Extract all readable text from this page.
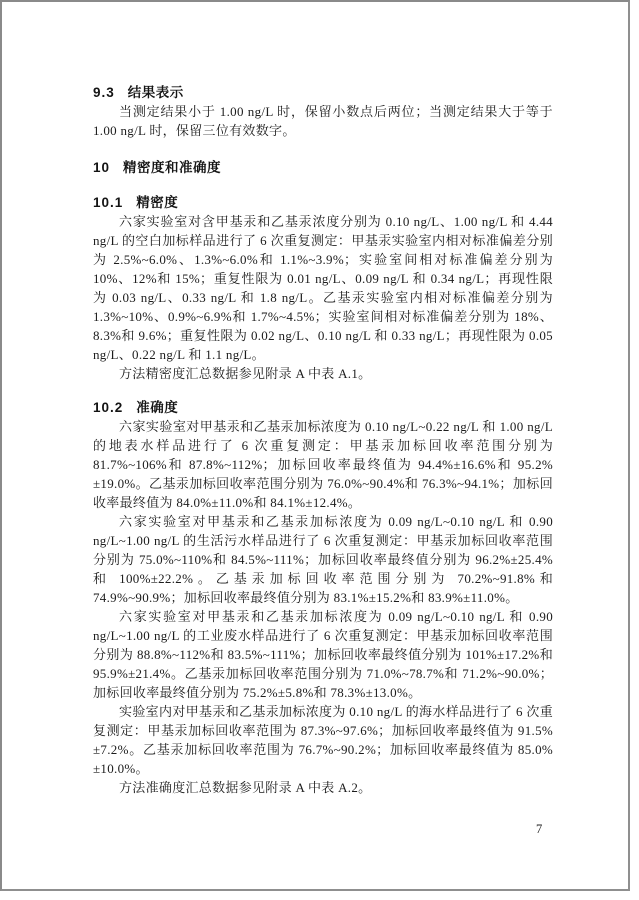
9.3 结果表示

当测定结果小于 1.00 ng/L 时，保留小数点后两位；当测定结果大于等于 1.00 ng/L 时，保留三位有效数字。

10 精密度和准确度
10.1 精密度

六家实验室对含甲基汞和乙基汞浓度分别为 0.10 ng/L、1.00 ng/L 和 4.44 ng/L 的空白加标样品进行了 6 次重复测定：甲基汞实验室内相对标准偏差分别为 2.5%~6.0%、1.3%~6.0%和 1.1%~3.9%；实验室间相对标准偏差分别为 10%、12%和 15%；重复性限为 0.01 ng/L、0.09 ng/L 和 0.34 ng/L；再现性限为 0.03 ng/L、0.33 ng/L 和 1.8 ng/L。乙基汞实验室内相对标准偏差分别为 1.3%~10%、0.9%~6.9%和 1.7%~4.5%；实验室间相对标准偏差分别为 18%、8.3%和 9.6%；重复性限为 0.02 ng/L、0.10 ng/L 和 0.33 ng/L；再现性限为 0.05 ng/L、0.22 ng/L 和 1.1 ng/L。

方法精密度汇总数据参见附录 A 中表 A.1。

10.2 准确度

六家实验室对甲基汞和乙基汞加标浓度为 0.10 ng/L~0.22 ng/L 和 1.00 ng/L 的地表水样品进行了 6 次重复测定：甲基汞加标回收率范围分别为 81.7%~106%和 87.8%~112%；加标回收率最终值为 94.4%±16.6%和 95.2%±19.0%。乙基汞加标回收率范围分别为 76.0%~90.4%和 76.3%~94.1%；加标回收率最终值为 84.0%±11.0%和 84.1%±12.4%。

六家实验室对甲基汞和乙基汞加标浓度为 0.09 ng/L~0.10 ng/L 和 0.90 ng/L~1.00 ng/L 的生活污水样品进行了 6 次重复测定：甲基汞加标回收率范围分别为 75.0%~110%和 84.5%~111%；加标回收率最终值分别为 96.2%±25.4%和 100%±22.2%。乙基汞加标回收率范围分别为 70.2%~91.8%和 74.9%~90.9%；加标回收率最终值分别为 83.1%±15.2%和 83.9%±11.0%。

六家实验室对甲基汞和乙基汞加标浓度为 0.09 ng/L~0.10 ng/L 和 0.90 ng/L~1.00 ng/L 的工业废水样品进行了 6 次重复测定：甲基汞加标回收率范围分别为 88.8%~112%和 83.5%~111%；加标回收率最终值分别为 101%±17.2%和 95.9%±21.4%。乙基汞加标回收率范围分别为 71.0%~78.7%和 71.2%~90.0%；加标回收率最终值分别为 75.2%±5.8%和 78.3%±13.0%。

实验室内对甲基汞和乙基汞加标浓度为 0.10 ng/L 的海水样品进行了 6 次重复测定：甲基汞加标回收率范围为 87.3%~97.6%；加标回收率最终值为 91.5%±7.2%。乙基汞加标回收率范围为 76.7%~90.2%；加标回收率最终值为 85.0%±10.0%。

方法准确度汇总数据参见附录 A 中表 A.2。

7
